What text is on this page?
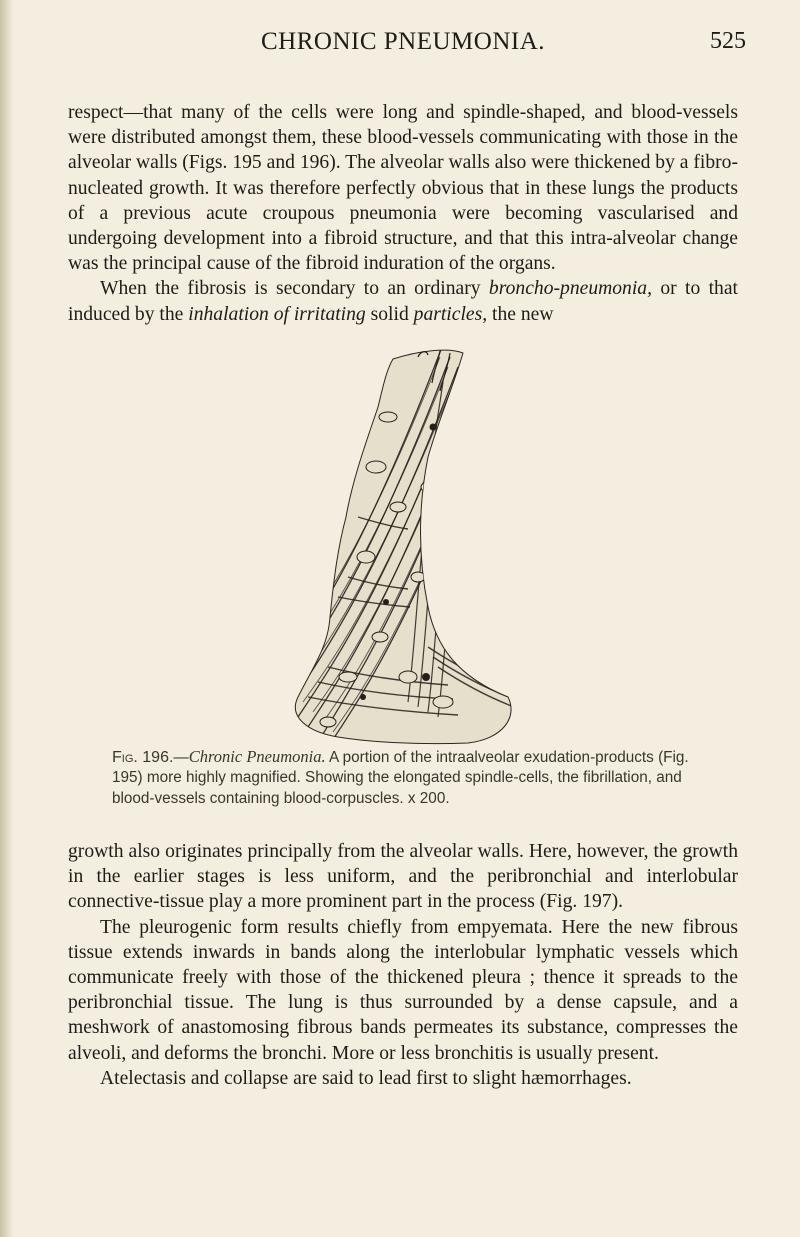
CHRONIC PNEUMONIA.	525

respect—that many of the cells were long and spindle-shaped, and blood-vessels were distributed amongst them, these blood-vessels communicating with those in the alveolar walls (Figs. 195 and 196). The alveolar walls also were thickened by a fibro-nucleated growth. It was therefore perfectly obvious that in these lungs the products of a previous acute croupous pneumonia were becoming vascularised and undergoing development into a fibroid structure, and that this intra-alveolar change was the principal cause of the fibroid induration of the organs.

When the fibrosis is secondary to an ordinary broncho-pneumonia, or to that induced by the inhalation of irritating solid particles, the new

Fig. 196.—Chronic Pneumonia. A portion of the intraalveolar exudation-products (Fig. 195) more highly magnified. Showing the elongated spindle-cells, the fibrillation, and blood-vessels containing blood-corpuscles. x 200.

growth also originates principally from the alveolar walls. Here, however, the growth in the earlier stages is less uniform, and the peribronchial and interlobular connective-tissue play a more prominent part in the process (Fig. 197).

The pleurogenic form results chiefly from empyemata. Here the new fibrous tissue extends inwards in bands along the interlobular lymphatic vessels which communicate freely with those of the thickened pleura ; thence it spreads to the peribronchial tissue. The lung is thus surrounded by a dense capsule, and a meshwork of anastomosing fibrous bands permeates its substance, compresses the alveoli, and deforms the bronchi. More or less bronchitis is usually present.

Atelectasis and collapse are said to lead first to slight hæmorrhages.
